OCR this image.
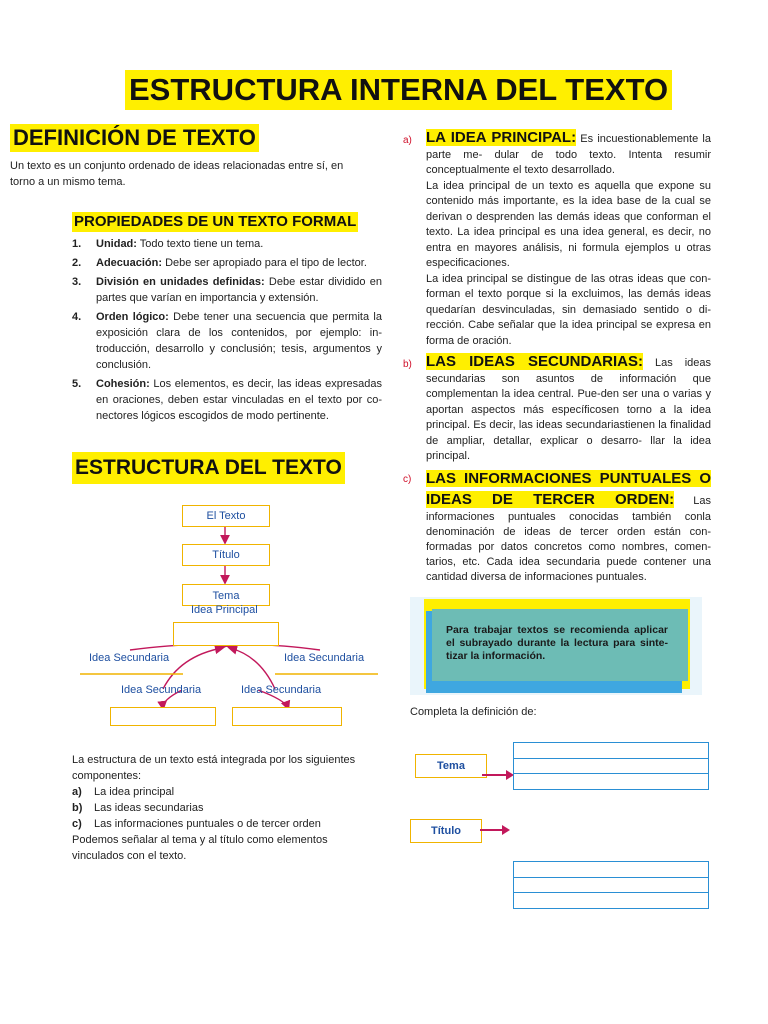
ESTRUCTURA INTERNA DEL TEXTO
DEFINICIÓN DE TEXTO
Un texto es un conjunto ordenado de ideas relacionadas entre sí, en torno a un mismo tema.
PROPIEDADES DE UN TEXTO FORMAL
1. Unidad: Todo texto tiene un tema.
2. Adecuación: Debe ser apropiado para el tipo de lector.
3. División en unidades definidas: Debe estar dividido en partes que varían en importancia y extensión.
4. Orden lógico: Debe tener una secuencia que permita la exposición clara de los contenidos, por ejemplo: in- troducción, desarrollo y conclusión; tesis, argumentos y conclusión.
5. Cohesión: Los elementos, es decir, las ideas expresadas en oraciones, deben estar vinculadas en el texto por co- nectores lógicos escogidos de modo pertinente.
ESTRUCTURA DEL TEXTO
El Texto
Título
Tema
Idea Principal
Idea Secundaria	Idea Secundaria
Idea Secundaria	Idea Secundaria
La estructura de un texto está integrada por los siguientes componentes:
a) La idea principal
b) Las ideas secundarias
c) Las informaciones puntuales o de tercer orden
Podemos señalar al tema y al título como elementos vinculados con el texto.
a) LA IDEA PRINCIPAL: Es incuestionablemente la parte me- dular de todo texto. Intenta resumir conceptualmente el texto desarrollado.
La idea principal de un texto es aquella que expone su contenido más importante, es la idea base de la cual se derivan o desprenden las demás ideas que conforman el texto. La idea principal es una idea general, es decir, no entra en mayores análisis, ni formula ejemplos u otras especificaciones.
La idea principal se distingue de las otras ideas que con- forman el texto porque si la excluimos, las demás ideas quedarían desvinculadas, sin demasiado sentido o di- rección. Cabe señalar que la idea principal se expresa en forma de oración.
b) LAS IDEAS SECUNDARIAS: Las ideas secundarias son asuntos de información que complementan la idea central. Pue-den ser una o varias y aportan aspectos más específicosen torno a la idea principal. Es decir, las ideas secundariastienen la finalidad de ampliar, detallar, explicar o desarro- llar la idea principal.
c) LAS INFORMACIONES PUNTUALES O IDEAS DE TERCER ORDEN: Las informaciones puntuales conocidas también conla denominación de ideas de tercer orden están con- formadas por datos concretos como nombres, comen- tarios, etc. Cada idea secundaria puede contener una cantidad diversa de informaciones puntuales.
Para trabajar textos se recomienda aplicar el subrayado durante la lectura para sinte- tizar la información.
Completa la definición de:
Tema
Título
